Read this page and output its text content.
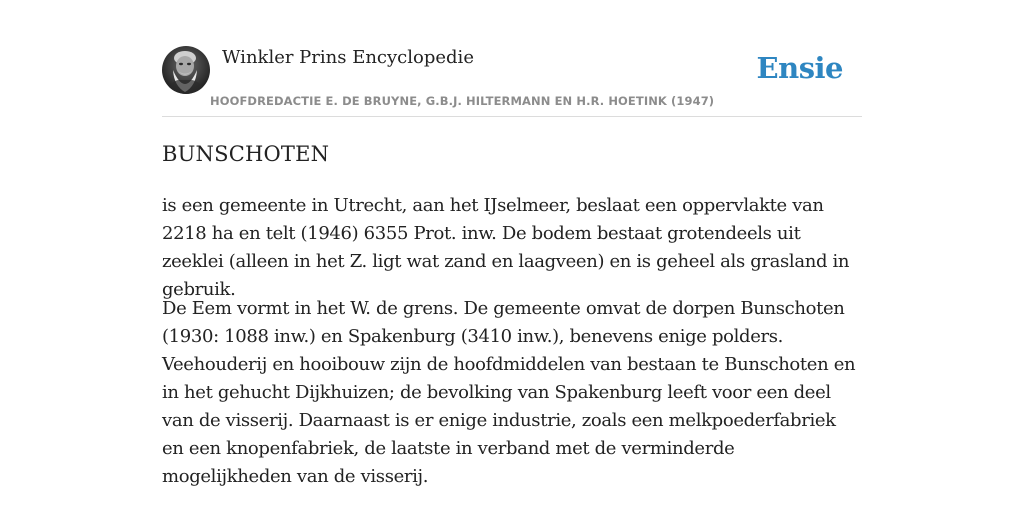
Winkler Prins Encyclopedie
HOOFDREDACTIE E. DE BRUYNE, G.B.J. HILTERMANN EN H.R. HOETINK (1947)
Ensie
BUNSCHOTEN

is een gemeente in Utrecht, aan het IJselmeer, beslaat een oppervlakte van 2218 ha en telt (1946) 6355 Prot. inw. De bodem bestaat grotendeels uit zeeklei (alleen in het Z. ligt wat zand en laagveen) en is geheel als grasland in gebruik.

De Eem vormt in het W. de grens. De gemeente omvat de dorpen Bunschoten (1930: 1088 inw.) en Spakenburg (3410 inw.), benevens enige polders. Veehouderij en hooibouw zijn de hoofdmiddelen van bestaan te Bunschoten en in het gehucht Dijkhuizen; de bevolking van Spakenburg leeft voor een deel van de visserij. Daarnaast is er enige industrie, zoals een melkpoederfabriek en een knopenfabriek, de laatste in verband met de verminderde mogelijkheden van de visserij.
